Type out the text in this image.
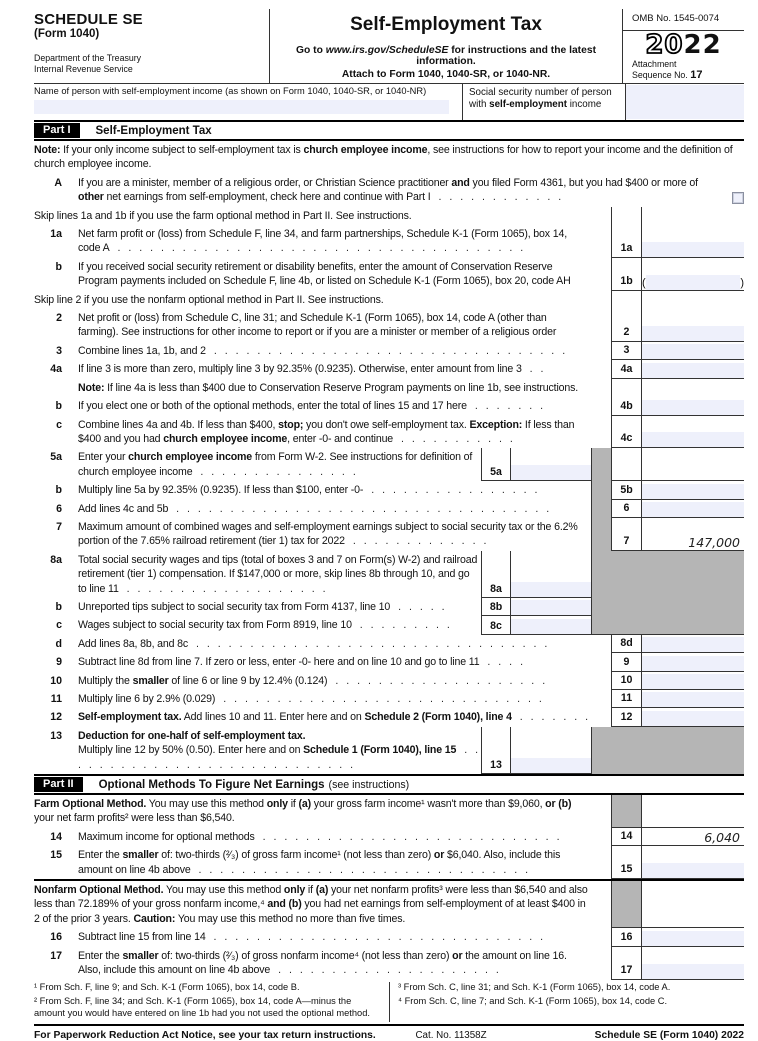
SCHEDULE SE
(Form 1040)
Department of the Treasury
Internal Revenue Service
Self-Employment Tax
Go to www.irs.gov/ScheduleSE for instructions and the latest information.
Attach to Form 1040, 1040-SR, or 1040-NR.
OMB No. 1545-0074
2022
Attachment
Sequence No. 17
Name of person with self-employment income (as shown on Form 1040, 1040-SR, or 1040-NR)	Social security number of person with self-employment income
Part I	Self-Employment Tax
Note: If your only income subject to self-employment tax is church employee income, see instructions for how to report your income and the definition of church employee income.
A	If you are a minister, member of a religious order, or Christian Science practitioner and you filed Form 4361, but you had $400 or more of other net earnings from self-employment, check here and continue with Part I . . . . . . . . . . . .
Skip lines 1a and 1b if you use the farm optional method in Part II. See instructions.
1a	Net farm profit or (loss) from Schedule F, line 34, and farm partnerships, Schedule K-1 (Form 1065), box 14, code A . . . . . . . . . . . . . . . . . . . . . . . . . . . . . . . . . . . . . .	1a
b	If you received social security retirement or disability benefits, enter the amount of Conservation Reserve Program payments included on Schedule F, line 4b, or listed on Schedule K-1 (Form 1065), box 20, code AH	1b (	)
Skip line 2 if you use the nonfarm optional method in Part II. See instructions.
2	Net profit or (loss) from Schedule C, line 31; and Schedule K-1 (Form 1065), box 14, code A (other than farming). See instructions for other income to report or if you are a minister or member of a religious order	2
3	Combine lines 1a, 1b, and 2 . . . . . . . . . . . . . . . . . . . . . . . . . . . . . . . . .	3
4a	If line 3 is more than zero, multiply line 3 by 92.35% (0.9235). Otherwise, enter amount from line 3 . .	4a
Note: If line 4a is less than $400 due to Conservation Reserve Program payments on line 1b, see instructions.
b	If you elect one or both of the optional methods, enter the total of lines 15 and 17 here . . . . . . .	4b
c	Combine lines 4a and 4b. If less than $400, stop; you don't owe self-employment tax. Exception: If less than $400 and you had church employee income, enter -0- and continue . . . . . . . . . . .	4c
5a	Enter your church employee income from Form W-2. See instructions for definition of church employee income . . . . . . . . . . . . . . .	5a
b	Multiply line 5a by 92.35% (0.9235). If less than $100, enter -0- . . . . . . . . . . . . . . . .	5b
6	Add lines 4c and 5b . . . . . . . . . . . . . . . . . . . . . . . . . . . . . . . . . . .	6
7	Maximum amount of combined wages and self-employment earnings subject to social security tax or the 6.2% portion of the 7.65% railroad retirement (tier 1) tax for 2022 . . . . . . . . . . . . .	7	147,000
8a	Total social security wages and tips (total of boxes 3 and 7 on Form(s) W-2) and railroad retirement (tier 1) compensation. If $147,000 or more, skip lines 8b through 10, and go to line 11 . . . . . . . . . . . . . . . . . . .	8a
b	Unreported tips subject to social security tax from Form 4137, line 10 . . . . .	8b
c	Wages subject to social security tax from Form 8919, line 10 . . . . . . . . .	8c
d	Add lines 8a, 8b, and 8c . . . . . . . . . . . . . . . . . . . . . . . . . . . . . . . . .	8d
9	Subtract line 8d from line 7. If zero or less, enter -0- here and on line 10 and go to line 11 . . . .	9
10	Multiply the smaller of line 6 or line 9 by 12.4% (0.124) . . . . . . . . . . . . . . . . . . . .	10
11	Multiply line 6 by 2.9% (0.029) . . . . . . . . . . . . . . . . . . . . . . . . . . . . . .	11
12	Self-employment tax. Add lines 10 and 11. Enter here and on Schedule 2 (Form 1040), line 4 . . . . . . .	12
13	Deduction for one-half of self-employment tax.
Multiply line 12 by 50% (0.50). Enter here and on Schedule 1 (Form 1040), line 15 . . . . . . . . . . . . . . . . . . . . . . . . . . . .	13
Part II	Optional Methods To Figure Net Earnings (see instructions)
Farm Optional Method. You may use this method only if (a) your gross farm income¹ wasn't more than $9,060, or (b) your net farm profits² were less than $6,540.
14	Maximum income for optional methods . . . . . . . . . . . . . . . . . . . . . . . . . . . .	14	6,040
15	Enter the smaller of: two-thirds (²⁄₃) of gross farm income¹ (not less than zero) or $6,040. Also, include this amount on line 4b above . . . . . . . . . . . . . . . . . . . . . . . . . . . . . . .	15
Nonfarm Optional Method. You may use this method only if (a) your net nonfarm profits³ were less than $6,540 and also less than 72.189% of your gross nonfarm income,⁴ and (b) you had net earnings from self-employment of at least $400 in 2 of the prior 3 years. Caution: You may use this method no more than five times.
16	Subtract line 15 from line 14 . . . . . . . . . . . . . . . . . . . . . . . . . . . . . . .	16
17	Enter the smaller of: two-thirds (²⁄₃) of gross nonfarm income⁴ (not less than zero) or the amount on line 16. Also, include this amount on line 4b above . . . . . . . . . . . . . . . . . . . . .	17
¹ From Sch. F, line 9; and Sch. K-1 (Form 1065), box 14, code B.
² From Sch. F, line 34; and Sch. K-1 (Form 1065), box 14, code A—minus the amount you would have entered on line 1b had you not used the optional method.
³ From Sch. C, line 31; and Sch. K-1 (Form 1065), box 14, code A.
⁴ From Sch. C, line 7; and Sch. K-1 (Form 1065), box 14, code C.
For Paperwork Reduction Act Notice, see your tax return instructions.	Cat. No. 11358Z	Schedule SE (Form 1040) 2022
